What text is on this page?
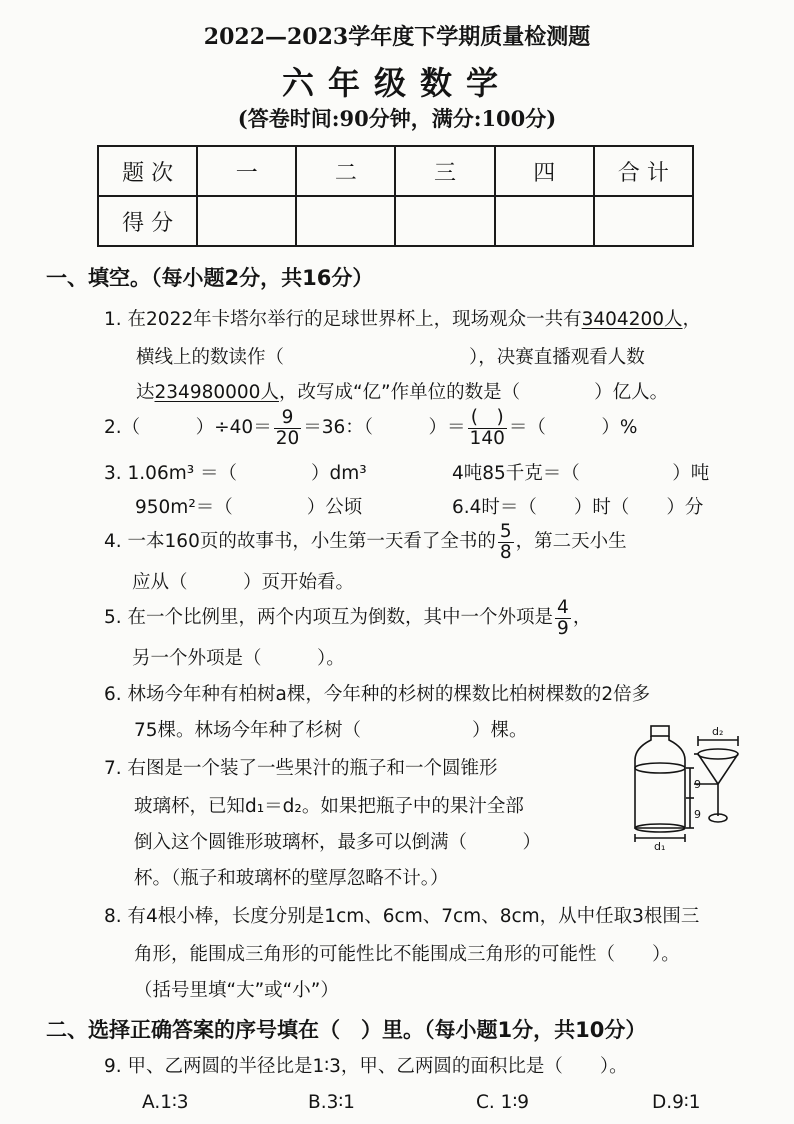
2022—2023学年度下学期质量检测题
六年级数学
(答卷时间:90分钟，满分:100分)
题 次	一	二	三	四	合 计
得 分					
一、填空。（每小题2分，共16分）
1. 在2022年卡塔尔举行的足球世界杯上，现场观众一共有3404200人，
横线上的数读作（　　　　　　　　　　），决赛直播观看人数
达234980000人，改写成“亿”作单位的数是（　　　　）亿人。
2.（　　　）$\div 40= \frac{9}{20} =36$：（　　　）＝ $\frac{( )}{140}$ ＝（　　　）%
3. 1.06m³ ＝（　　　　）dm³	4吨85千克＝（　　　　　）吨
950m²＝（　　　　）公顷	6.4时＝（　　）时（　　）分
4. 一本160页的故事书，小生第一天看了全书的 $\frac{5}{8}$ ，第二天小生
应从（　　　）页开始看。
5. 在一个比例里，两个内项互为倒数，其中一个外项是 $\frac{4}{9}$ ，
另一个外项是（　　　）。
6. 林场今年种有柏树a棵，今年种的杉树的棵数比柏树棵数的2倍多
75棵。林场今年种了杉树（　　　　　　）棵。
7. 右图是一个装了一些果汁的瓶子和一个圆锥形
玻璃杯，已知d₁＝d₂。如果把瓶子中的果汁全部
倒入这个圆锥形玻璃杯，最多可以倒满（　　　）
杯。（瓶子和玻璃杯的壁厚忽略不计。）
d₁
d₂
9
9
8. 有4根小棒，长度分别是1cm、6cm、7cm、8cm，从中任取3根围三
角形，能围成三角形的可能性比不能围成三角形的可能性（　　）。
（括号里填“大”或“小”）
二、选择正确答案的序号填在（　）里。（每小题1分，共10分）
9. 甲、乙两圆的半径比是1∶3，甲、乙两圆的面积比是（　　）。
A.1∶3	B.3∶1	C. 1∶9	D.9∶1
